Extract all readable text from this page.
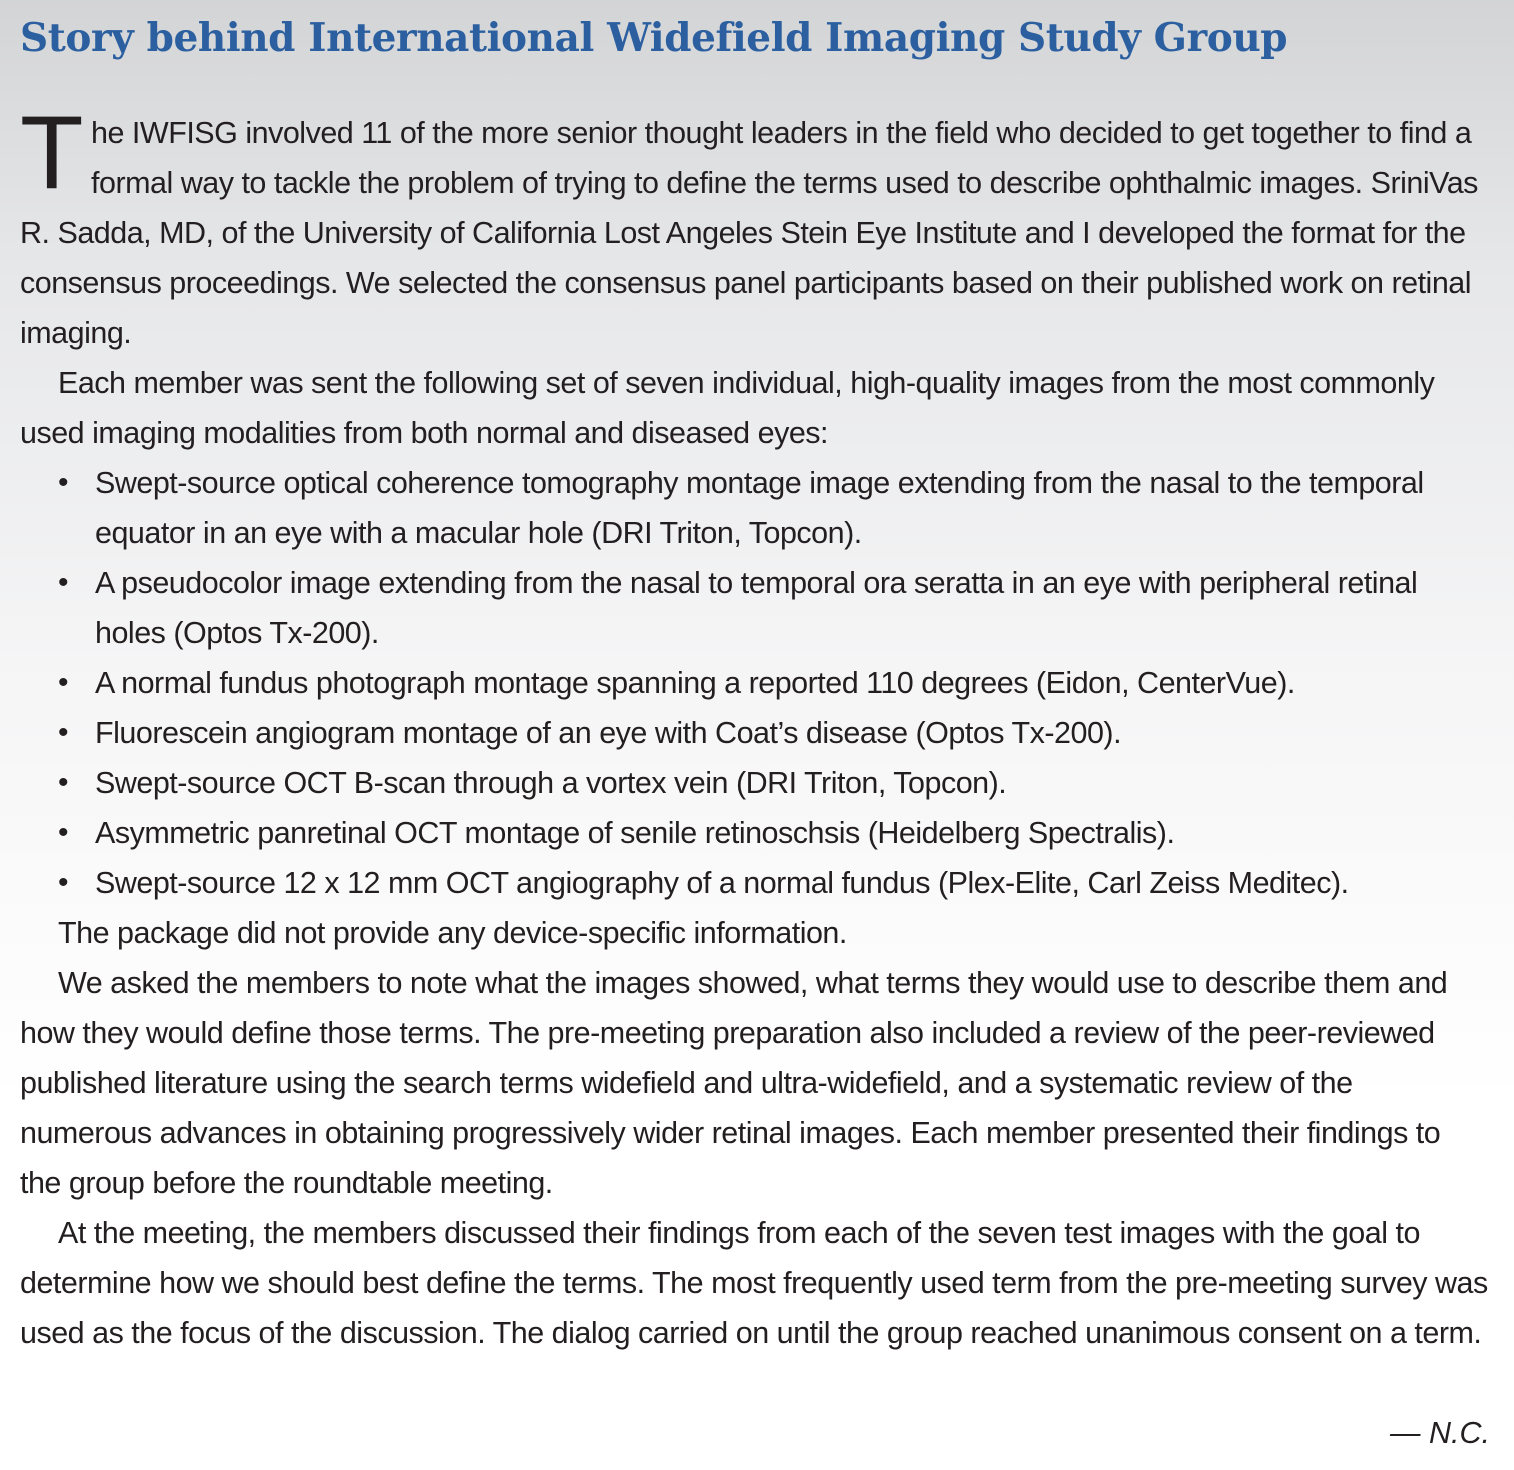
Story behind International Widefield Imaging Study Group

The IWFISG involved 11 of the more senior thought leaders in the field who decided to get together to find a formal way to tackle the problem of trying to define the terms used to describe ophthalmic images. SriniVas R. Sadda, MD, of the University of California Lost Angeles Stein Eye Institute and I developed the format for the consensus proceedings. We selected the consensus panel participants based on their published work on retinal imaging.

Each member was sent the following set of seven individual, high-quality images from the most commonly used imaging modalities from both normal and diseased eyes:

• Swept-source optical coherence tomography montage image extending from the nasal to the temporal equator in an eye with a macular hole (DRI Triton, Topcon).
• A pseudocolor image extending from the nasal to temporal ora seratta in an eye with peripheral retinal holes (Optos Tx-200).
• A normal fundus photograph montage spanning a reported 110 degrees (Eidon, CenterVue).
• Fluorescein angiogram montage of an eye with Coat’s disease (Optos Tx-200).
• Swept-source OCT B-scan through a vortex vein (DRI Triton, Topcon).
• Asymmetric panretinal OCT montage of senile retinoschsis (Heidelberg Spectralis).
• Swept-source 12 x 12 mm OCT angiography of a normal fundus (Plex-Elite, Carl Zeiss Meditec).

The package did not provide any device-specific information.

We asked the members to note what the images showed, what terms they would use to describe them and how they would define those terms. The pre-meeting preparation also included a review of the peer-reviewed published literature using the search terms widefield and ultra-widefield, and a systematic review of the numerous advances in obtaining progressively wider retinal images. Each member presented their findings to the group before the roundtable meeting.

At the meeting, the members discussed their findings from each of the seven test images with the goal to determine how we should best define the terms. The most frequently used term from the pre-meeting survey was used as the focus of the discussion. The dialog carried on until the group reached unanimous consent on a term.

— N.C.
